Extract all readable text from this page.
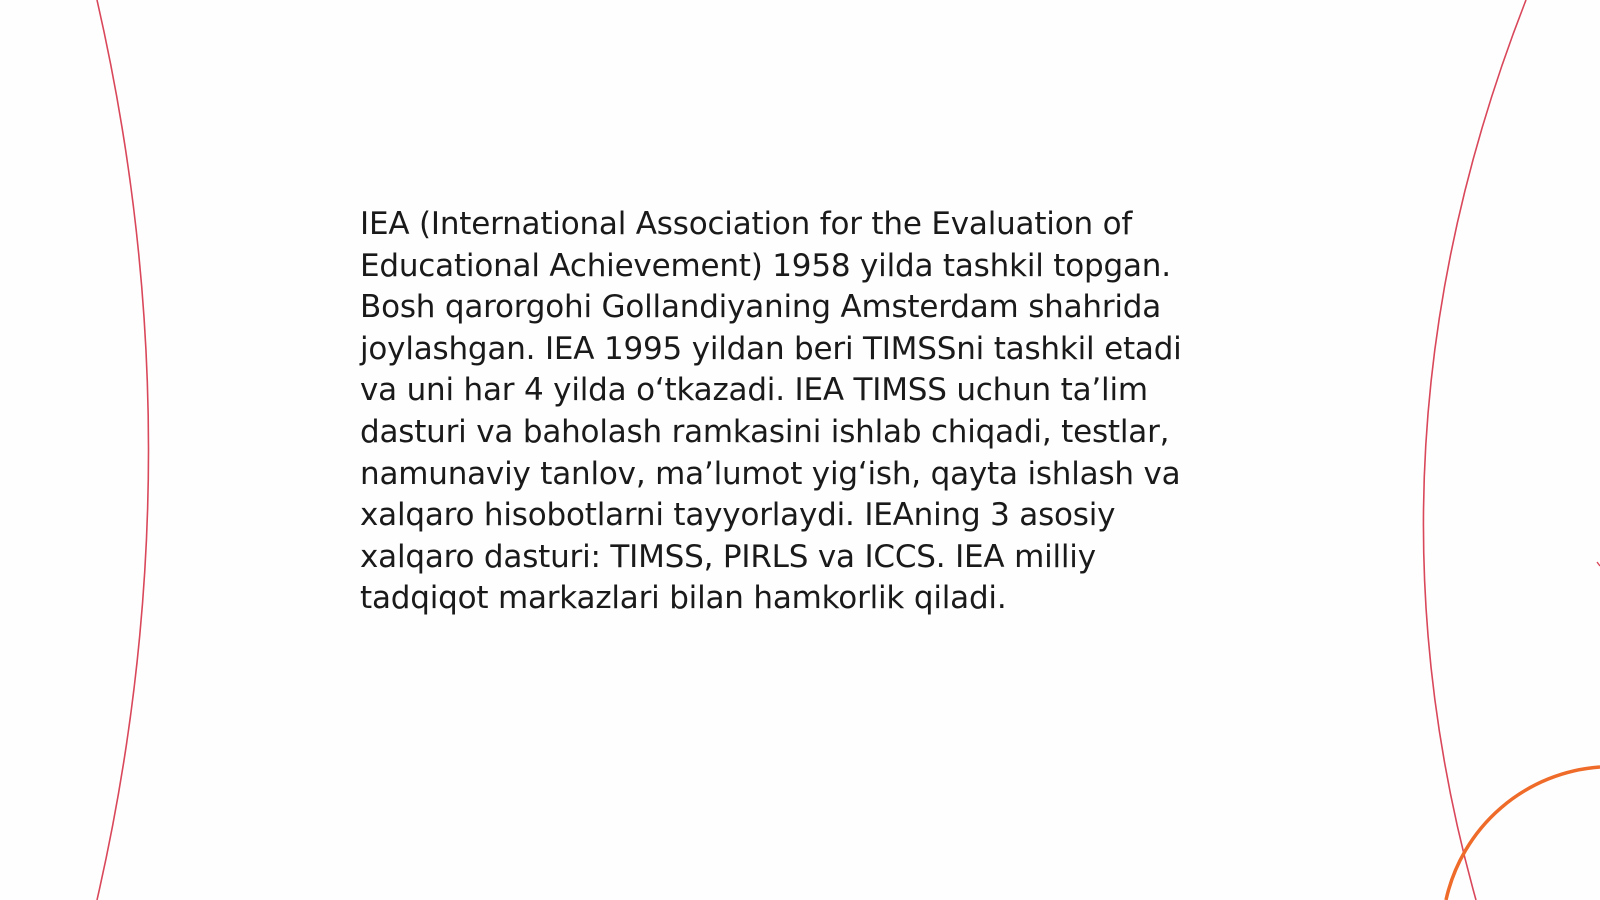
IEA (International Association for the Evaluation of
Educational Achievement) 1958 yilda tashkil topgan.
Bosh qarorgohi Gollandiyaning Amsterdam shahrida
joylashgan. IEA 1995 yildan beri TIMSSni tashkil etadi
va uni har 4 yilda o‘tkazadi. IEA TIMSS uchun ta’lim
dasturi va baholash ramkasini ishlab chiqadi, testlar,
namunaviy tanlov, ma’lumot yig‘ish, qayta ishlash va
xalqaro hisobotlarni tayyorlaydi. IEAning 3 asosiy
xalqaro dasturi: TIMSS, PIRLS va ICCS. IEA milliy
tadqiqot markazlari bilan hamkorlik qiladi.
